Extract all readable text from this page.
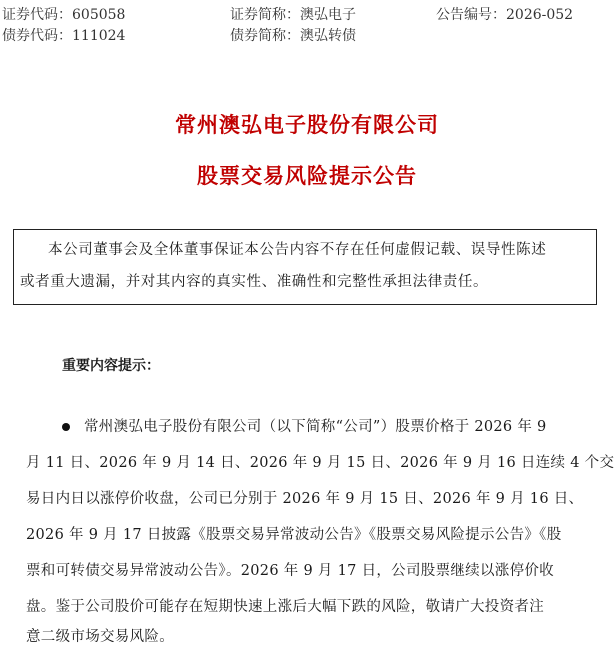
证券代码：605058	证券简称：澳弘电子	公告编号：2026-052
债券代码：111024	债券简称：澳弘转债
常州澳弘电子股份有限公司
股票交易风险提示公告

本公司董事会及全体董事保证本公告内容不存在任何虚假记载、误导性陈述

或者重大遗漏，并对其内容的真实性、准确性和完整性承担法律责任。

重要内容提示：
常州澳弘电子股份有限公司（以下简称“公司”）股票价格于 2026 年 9
月 11 日、2026 年 9 月 14 日、2026 年 9 月 15 日、2026 年 9 月 16 日连续 4 个交
易日内日以涨停价收盘，公司已分别于 2026 年 9 月 15 日、2026 年 9 月 16 日、
2026 年 9 月 17 日披露《股票交易异常波动公告》《股票交易风险提示公告》《股
票和可转债交易异常波动公告》。2026 年 9 月 17 日，公司股票继续以涨停价收
盘。鉴于公司股价可能存在短期快速上涨后大幅下跌的风险，敬请广大投资者注
意二级市场交易风险。
